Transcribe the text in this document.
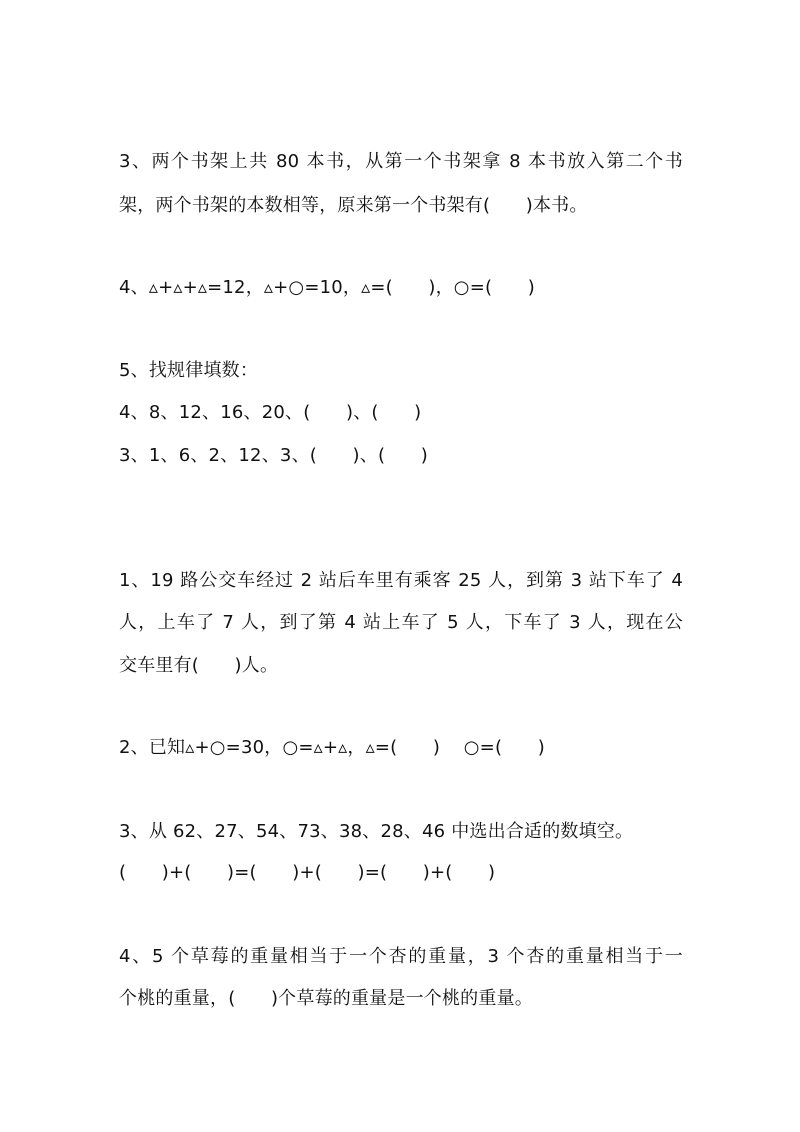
3、两个书架上共 80 本书，从第一个书架拿 8 本书放入第二个书
架，两个书架的本数相等，原来第一个书架有(      )本书。
4、▵+▵+▵=12，▵+○=10，▵=(      )，○=(      )
5、找规律填数：
4、8、12、16、20、(      )、(      )
3、1、6、2、12、3、(      )、(      )
1、19 路公交车经过 2 站后车里有乘客 25 人，到第 3 站下车了 4
人，上车了 7 人，到了第 4 站上车了 5 人，下车了 3 人，现在公
交车里有(      )人。
2、已知▵+○=30，○=▵+▵，▵=(      )    ○=(      )
3、从 62、27、54、73、38、28、46 中选出合适的数填空。
(      )+(      )=(      )+(      )=(      )+(      )
4、5 个草莓的重量相当于一个杏的重量，3 个杏的重量相当于一
个桃的重量，(      )个草莓的重量是一个桃的重量。
